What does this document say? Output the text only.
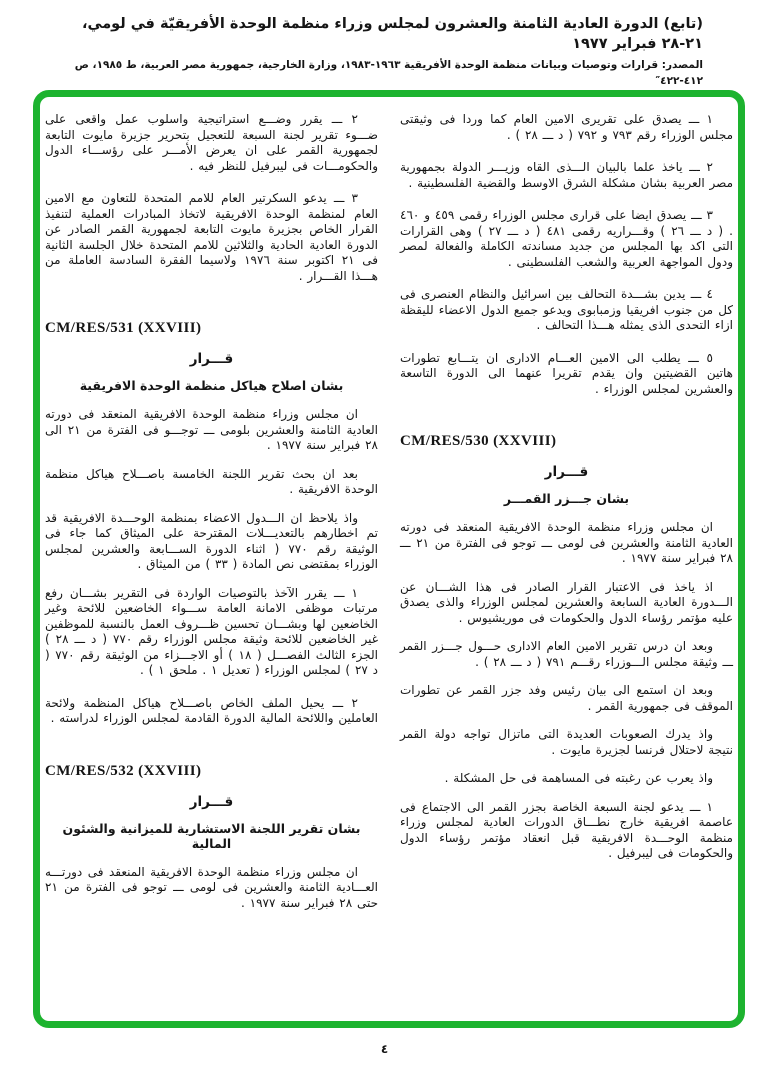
(تابع) الدورة العادية الثامنة والعشرون لمجلس وزراء منظمة الوحدة الأفريقيّة في لومي، ٢١-٢٨ فبراير ١٩٧٧
المصدر: قرارات وتوصيات وبيانات منظمة الوحدة الأفريقية ١٩٦٣-١٩٨٣، وزارة الخارجية، جمهورية مصر العربية، ط ١٩٨٥، ص ٤١٢-٤٢٢″

١ ـــ يصدق على تقريرى الامين العام كما وردا فى وثيقتى مجلس الوزراء رقم ٧٩٣ و ٧٩٢ ( د ـــ ٢٨ ) .

٢ ـــ ياخذ علما بالبيان الـــذى القاه وزيـــر الدولة بجمهورية مصر العربية بشان مشكلة الشرق الاوسط والقضية الفلسطينية .

٣ ـــ يصدق ايضا على قرارى مجلس الوزراء رقمى ٤٥٩ و ٤٦٠ . ( د ـــ ٢٦ ) وقـــراريه رقمى ٤٨١ ( د ـــ ٢٧ ) وهى القرارات التى اكد بها المجلس من جديد مساندته الكاملة والفعالة لمصر ودول المواجهة العربية والشعب الفلسطينى .

٤ ـــ يدين بشـــدة التحالف بين اسرائيل والنظام العنصرى فى كل من جنوب افريقيا وزمبابوى ويدعو جميع الدول الاعضاء لليقظة ازاء التحدى الذى يمثله هـــذا التحالف .

٥ ـــ يطلب الى الامين العـــام الادارى ان يتـــابع تطورات هاتين القضيتين وان يقدم تقريرا عنهما الى الدورة التاسعة والعشرين لمجلس الوزراء .

CM/RES/530 (XXVIII)

قـــرار

بشان جـــزر القمـــر

ان مجلس وزراء منظمة الوحدة الافريقية المنعقد فى دورته العادية الثامنة والعشرين فى لومى ـــ توجو فى الفترة من ٢١ ـــ ٢٨ فبراير سنة ١٩٧٧ .

اذ ياخذ فى الاعتبار القرار الصادر فى هذا الشـــان عن الـــدورة العادية السابعة والعشرين لمجلس الوزراء والذى يصدق عليه مؤتمر رؤساء الدول والحكومات فى موريشيوس .

وبعد ان درس تقرير الامين العام الادارى حـــول جـــزر القمر ـــ وثيقة مجلس الـــوزراء رقـــم ٧٩١ ( د ـــ ٢٨ ) .

وبعد ان استمع الى بيان رئيس وفد جزر القمر عن تطورات الموقف فى جمهورية القمر .

واذ يدرك الصعوبات العديدة التى ماتزال تواجه دولة القمر نتيجة لاحتلال فرنسا لجزيرة مايوت .

واذ يعرب عن رغبته فى المساهمة فى حل المشكلة .

١ ـــ يدعو لجنة السبعة الخاصة بجزر القمر الى الاجتماع فى عاصمة افريقية خارج نطـــاق الدورات العادية لمجلس وزراء منظمة الوحـــدة الافريقية قبل انعقاد مؤتمر رؤساء الدول والحكومات فى ليبرفيل .

٢ ـــ يقرر وضـــع استراتيجية واسلوب عمل واقعى على ضـــوء تقرير لجنة السبعة للتعجيل بتحرير جزيرة مايوت التابعة لجمهورية القمر على ان يعرض الأمـــر على رؤســـاء الدول والحكومـــات فى ليبرفيل للنظر فيه .

٣ ـــ يدعو السكرتير العام للامم المتحدة للتعاون مع الامين العام لمنظمة الوحدة الافريقية لاتخاذ المبادرات العملية لتنفيذ القرار الخاص بجزيرة مايوت التابعة لجمهورية القمر الصادر عن الدورة العادية الحادية والثلاثين للامم المتحدة خلال الجلسة الثانية فى ٢١ اكتوبر سنة ١٩٧٦ ولاسيما الفقرة السادسة العاملة من هـــذا القـــرار .

CM/RES/531 (XXVIII)

قـــرار

بشان اصلاح هياكل منظمة الوحدة الافريقية

ان مجلس وزراء منظمة الوحدة الافريقية المنعقد فى دورته العادية الثامنة والعشرين بلومى ـــ توجـــو فى الفترة من ٢١ الى ٢٨ فبراير سنة ١٩٧٧ .

بعد ان بحث تقرير اللجنة الخامسة باصـــلاح هياكل منظمة الوحدة الافريقية .

واذ يلاحظ ان الـــدول الاعضاء بمنظمة الوحـــدة الافريقية قد تم اخطارهم بالتعديـــلات المقترحة على الميثاق كما جاء فى الوثيقة رقم ٧٧٠ ( اثناء الدورة الســـابعة والعشرين لمجلس الوزراء بمقتضى نص المادة ( ٣٣ ) من الميثاق .

١ ـــ يقرر الآخذ بالتوصيات الواردة فى التقرير بشـــان رفع مرتبات موظفى الامانة العامة ســـواء الخاضعين للائحة وغير الخاضعين لها وبشـــان تحسين ظـــروف العمل بالنسبة للموظفين غير الخاضعين للائحة وثيقة مجلس الوزراء رقم ٧٧٠ ( د ـــ ٢٨ ) الجزء الثالث الفصـــل ( ١٨ ) أو الاجـــزاء من الوثيقة رقم ٧٧٠ ( د ٢٧ ) لمجلس الوزراء ( تعديل ١ . ملحق ١ ) .

٢ ـــ يحيل الملف الخاص باصـــلاح هياكل المنظمة ولائحة العاملين واللائحة المالية الدورة القادمة لمجلس الوزراء لدراسته .

CM/RES/532 (XXVIII)

قـــرار

بشان تقرير اللجنة الاستشارية للميزانية والشئون المالية

ان مجلس وزراء منظمة الوحدة الافريقية المنعقد فى دورتـــه العـــادية الثامنة والعشرين فى لومى ـــ توجو فى الفترة من ٢١ حتى ٢٨ فبراير سنة ١٩٧٧ .

٤
